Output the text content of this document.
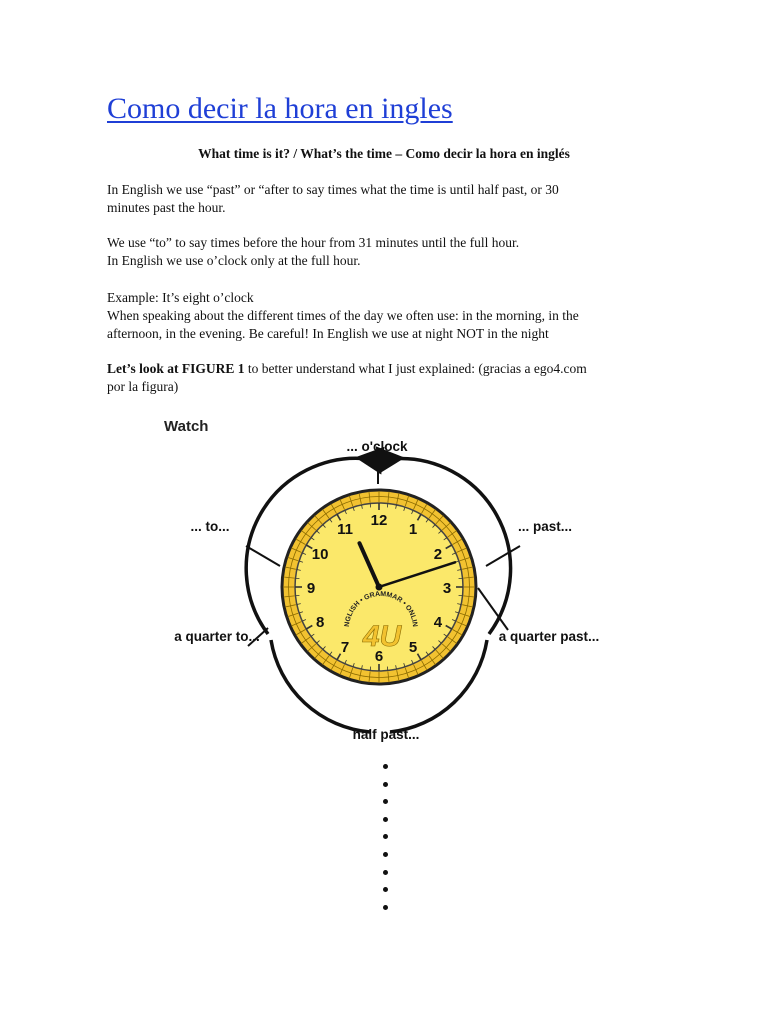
Como decir la hora en ingles
What time is it? / What’s the time – Como decir la hora en inglés

In English we use “past” or “after to say times what the time is until half past, or 30
minutes past the hour.

We use “to” to say times before the hour from 31 minutes until the full hour.
In English we use o’clock only at the full hour.

Example: It’s eight o’clock
When speaking about the different times of the day we often use: in the morning, in the
afternoon, in the evening. Be careful! In English we use at night NOT in the night

Let’s look at FIGURE 1 to better understand what I just explained: (gracias a ego4.com
por la figura)

Watch
NGLISH • GRAMMAR • ONLIN
4U
12
1
2
3
4
5
6
7
8
9
10
11
... o'clock
... to...	... past...
a quarter to...	a quarter past...
half past...
